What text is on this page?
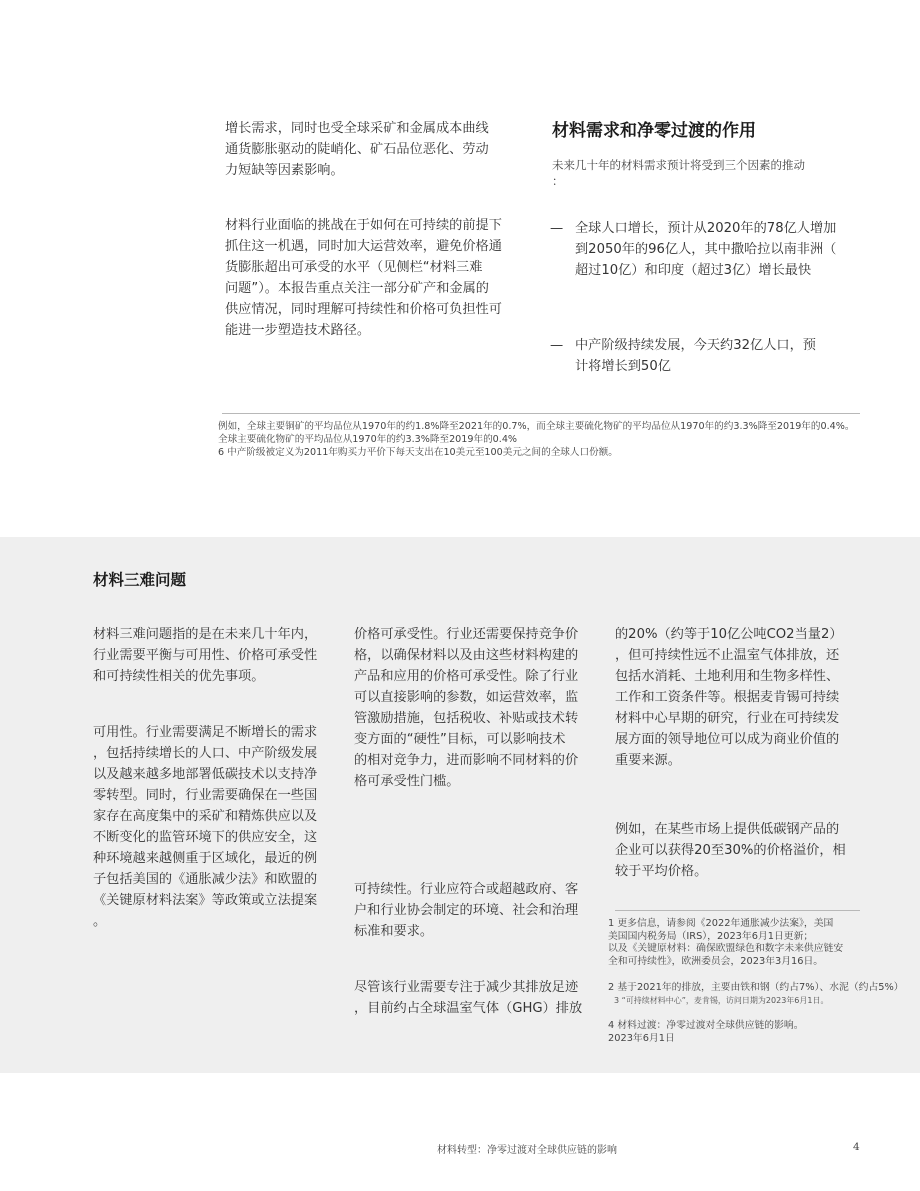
增长需求，同时也受全球采矿和金属成本曲线
通货膨胀驱动的陡峭化、矿石品位恶化、劳动
力短缺等因素影响。
材料行业面临的挑战在于如何在可持续的前提下
抓住这一机遇，同时加大运营效率，避免价格通
货膨胀超出可承受的水平（见侧栏“材料三难
问题”）。本报告重点关注一部分矿产和金属的
供应情况，同时理解可持续性和价格可负担性可
能进一步塑造技术路径。
材料需求和净零过渡的作用
未来几十年的材料需求预计将受到三个因素的推动
：
— 全球人口增长，预计从2020年的78亿人增加
到2050年的96亿人，其中撒哈拉以南非洲（
超过10亿）和印度（超过3亿）增长最快
— 中产阶级持续发展，今天约32亿人口，预
计将增长到50亿
例如，全球主要铜矿的平均品位从1970年的约1.8%降至2021年的0.7%，而全球主要硫化物矿的平均品位从1970年的约3.3%降至2019年的0.4%。
全球主要硫化物矿的平均品位从1970年的约3.3%降至2019年的0.4%
6 中产阶级被定义为2011年购买力平价下每天支出在10美元至100美元之间的全球人口份额。
材料三难问题
材料三难问题指的是在未来几十年内，
行业需要平衡与可用性、价格可承受性
和可持续性相关的优先事项。
可用性。行业需要满足不断增长的需求
，包括持续增长的人口、中产阶级发展
以及越来越多地部署低碳技术以支持净
零转型。同时，行业需要确保在一些国
家存在高度集中的采矿和精炼供应以及
不断变化的监管环境下的供应安全，这
种环境越来越侧重于区域化，最近的例
子包括美国的《通胀减少法》和欧盟的
《关键原材料法案》等政策或立法提案
。
价格可承受性。行业还需要保持竞争价
格，以确保材料以及由这些材料构建的
产品和应用的价格可承受性。除了行业
可以直接影响的参数，如运营效率，监
管激励措施，包括税收、补贴或技术转
变方面的“硬性”目标，可以影响技术
的相对竞争力，进而影响不同材料的价
格可承受性门槛。
可持续性。行业应符合或超越政府、客
户和行业协会制定的环境、社会和治理
标准和要求。
尽管该行业需要专注于减少其排放足迹
，目前约占全球温室气体（GHG）排放
的20%（约等于10亿公吨CO2当量2）
，但可持续性远不止温室气体排放，还
包括水消耗、土地利用和生物多样性、
工作和工资条件等。根据麦肯锡可持续
材料中心早期的研究，行业在可持续发
展方面的领导地位可以成为商业价值的
重要来源。
例如，在某些市场上提供低碳钢产品的
企业可以获得20至30%的价格溢价，相
较于平均价格。
1 更多信息，请参阅《2022年通胀减少法案》，美国
美国国内税务局（IRS），2023年6月1日更新；
以及《关键原材料：确保欧盟绿色和数字未来供应链安
全和可持续性》，欧洲委员会，2023年3月16日。
2 基于2021年的排放，主要由铁和钢（约占7%）、水泥（约占5%）
3 “可持续材料中心”，麦肯锡，访问日期为2023年6月1日。
4 材料过渡：净零过渡对全球供应链的影响。
2023年6月1日
材料转型：净零过渡对全球供应链的影响	4
